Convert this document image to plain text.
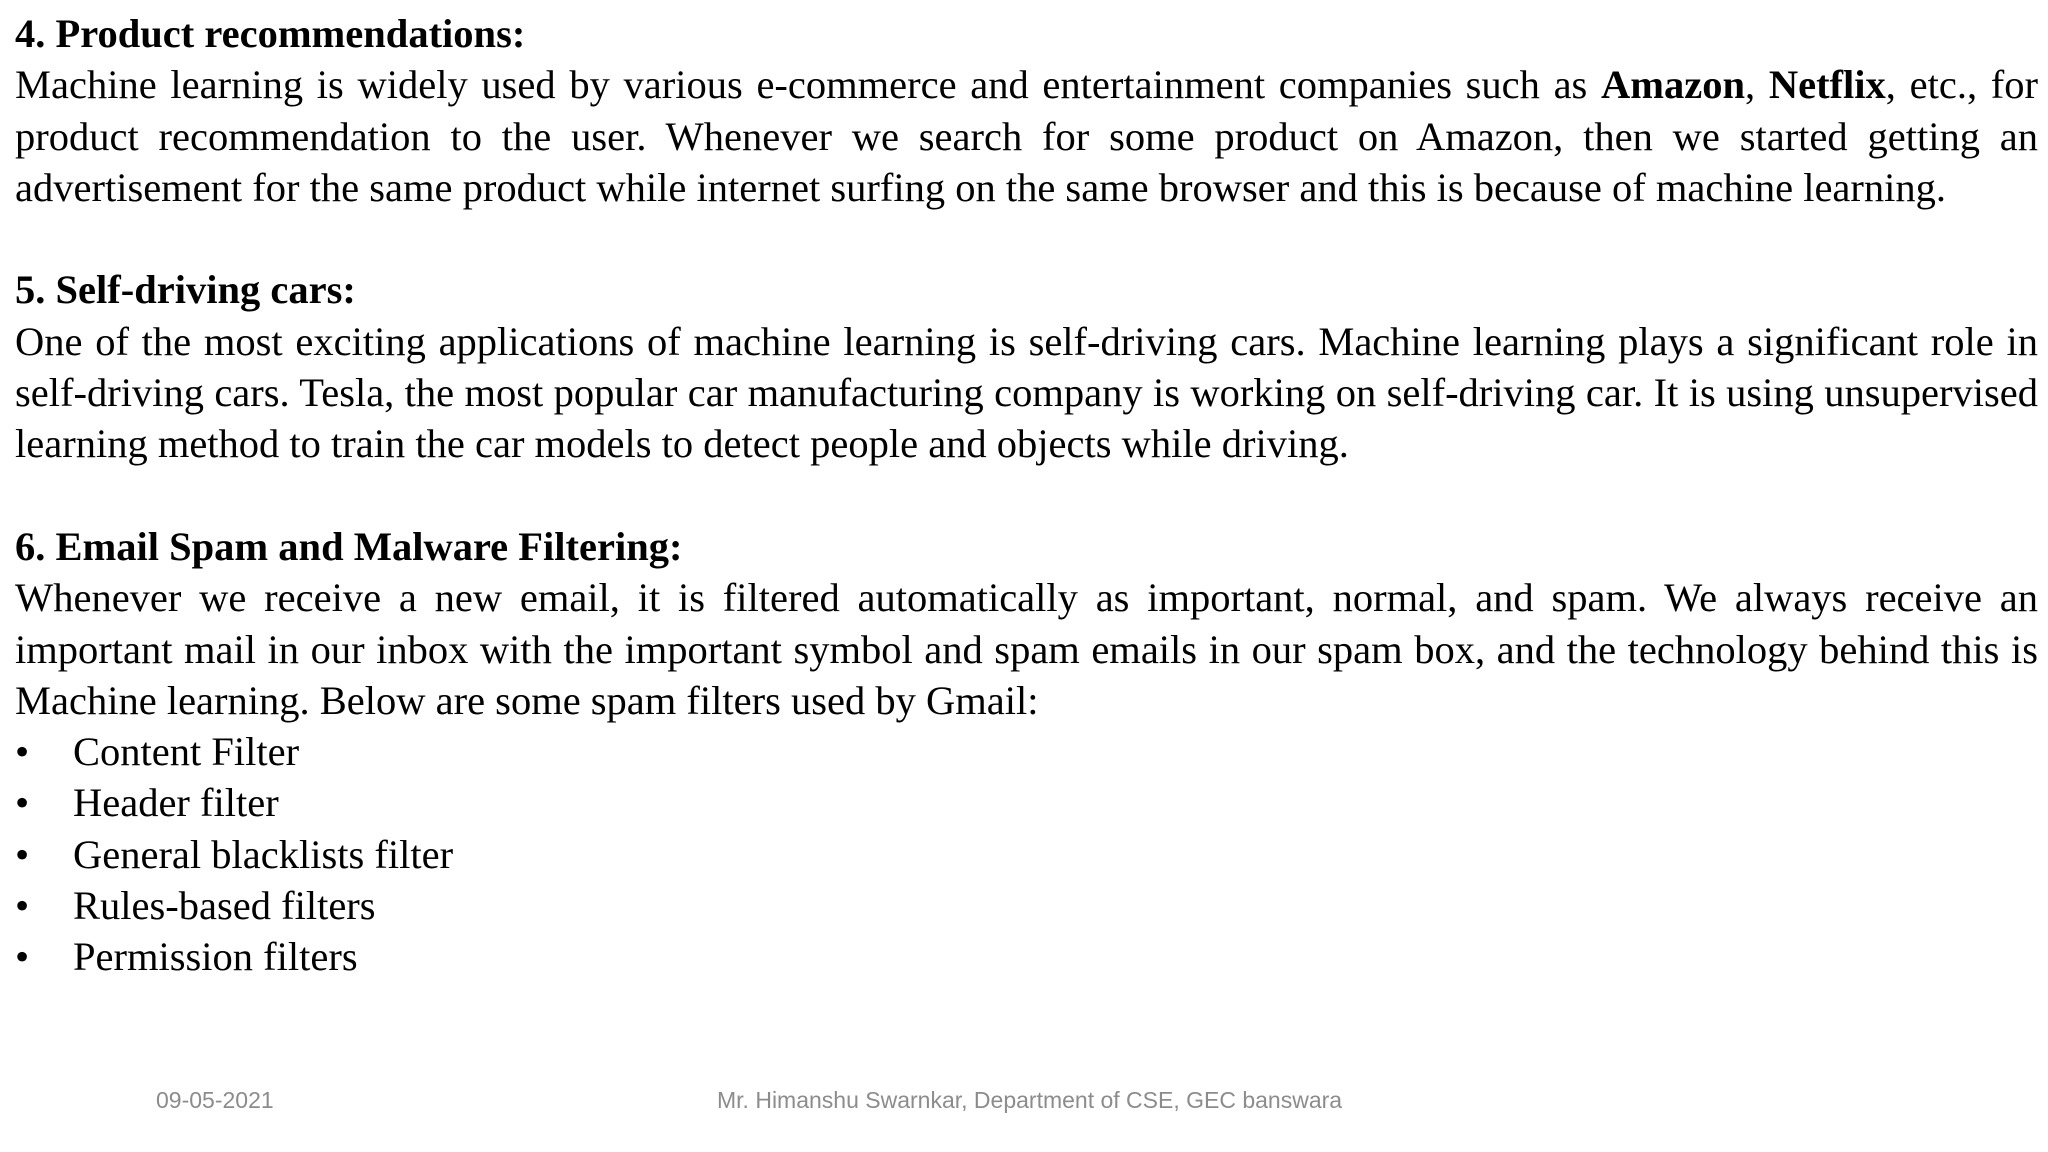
4. Product recommendations:

Machine learning is widely used by various e-commerce and entertainment companies such as Amazon, Netflix, etc., for product recommendation to the user. Whenever we search for some product on Amazon, then we started getting an advertisement for the same product while internet surfing on the same browser and this is because of machine learning.

5. Self-driving cars:

One of the most exciting applications of machine learning is self-driving cars. Machine learning plays a significant role in self-driving cars. Tesla, the most popular car manufacturing company is working on self-driving car. It is using unsupervised learning method to train the car models to detect people and objects while driving.

6. Email Spam and Malware Filtering:

Whenever we receive a new email, it is filtered automatically as important, normal, and spam. We always receive an important mail in our inbox with the important symbol and spam emails in our spam box, and the technology behind this is Machine learning. Below are some spam filters used by Gmail:

• Content Filter
• Header filter
• General blacklists filter
• Rules-based filters
• Permission filters
09-05-2021	Mr. Himanshu Swarnkar, Department of CSE, GEC banswara
